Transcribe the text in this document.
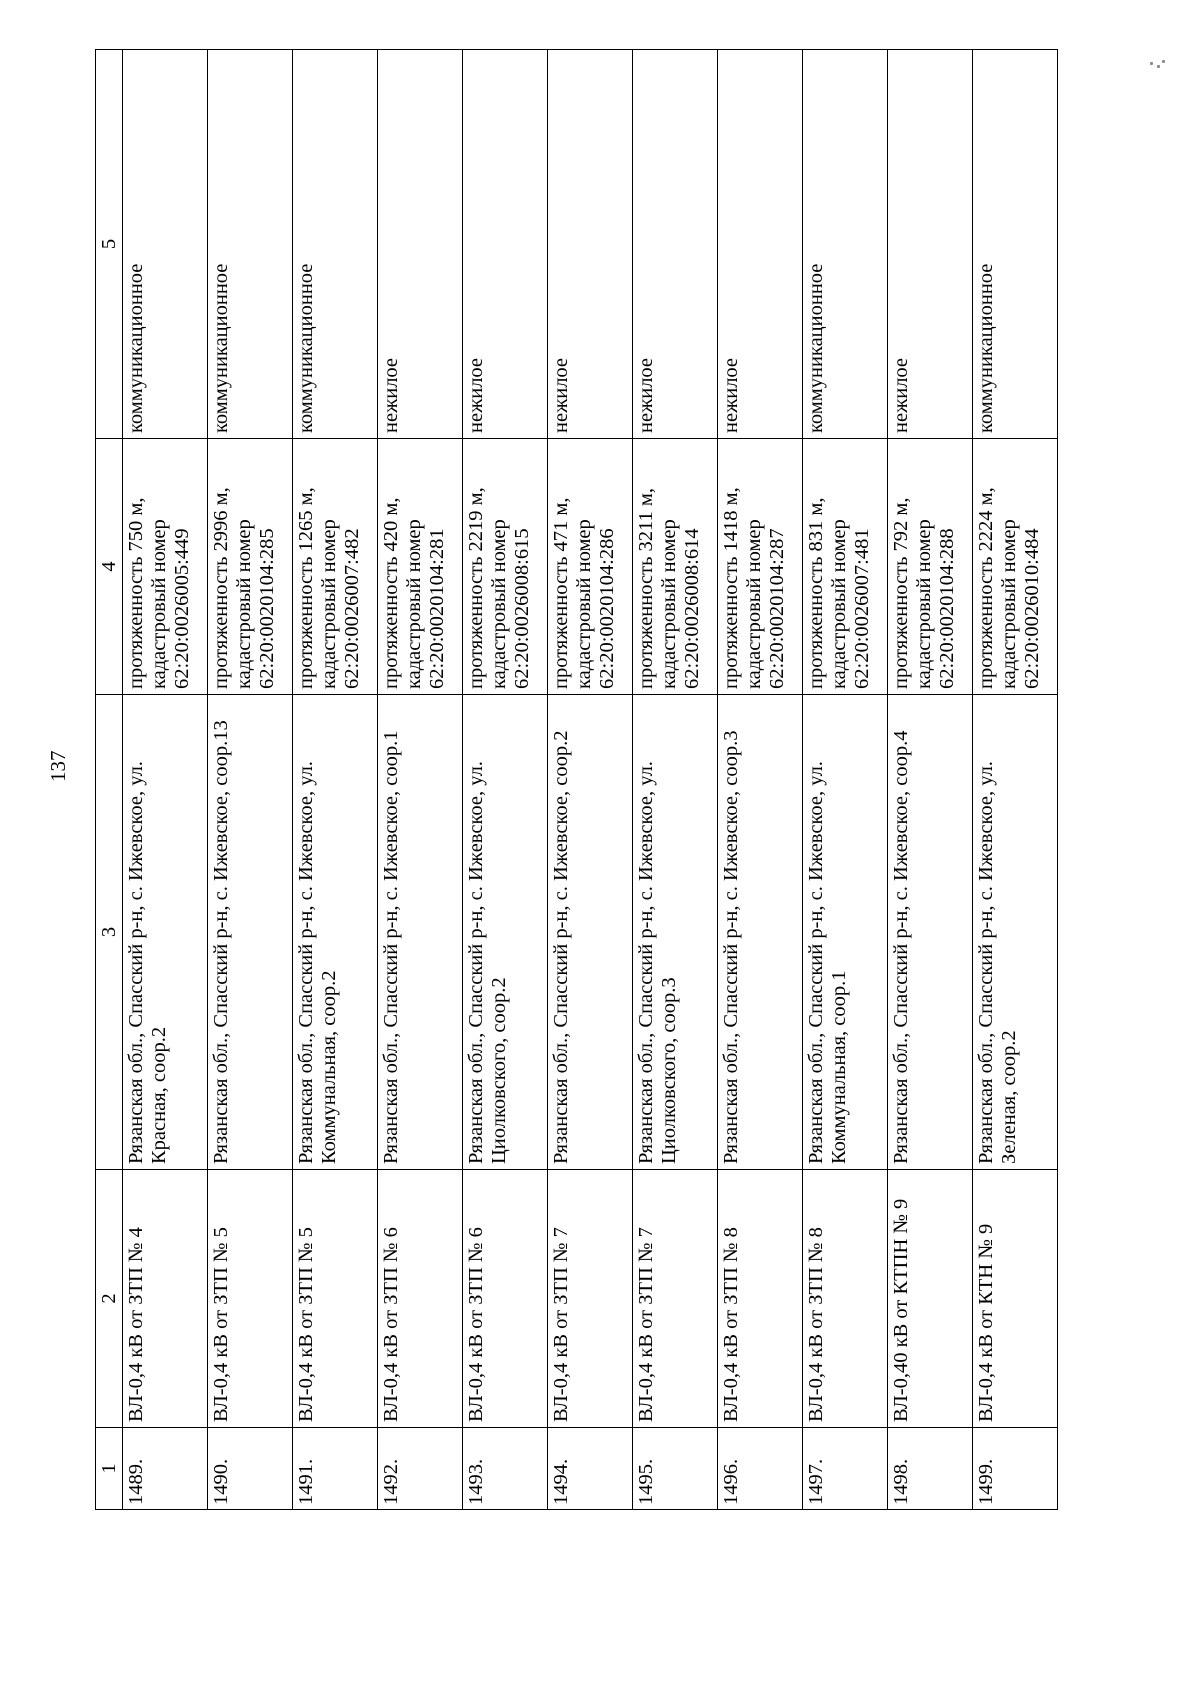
137
1	2	3	4	5
1489.	ВЛ-0,4 кВ от ЗТП № 4	Рязанская обл., Спасский р-н, с. Ижевское, ул. Красная, соор.2	протяженность 750 м, кадастровый номер 62:20:0026005:449	коммуникационное
1490.	ВЛ-0,4 кВ от ЗТП № 5	Рязанская обл., Спасский р-н, с. Ижевское, соор.13	протяженность 2996 м, кадастровый номер 62:20:0020104:285	коммуникационное
1491.	ВЛ-0,4 кВ от ЗТП № 5	Рязанская обл., Спасский р-н, с. Ижевское, ул. Коммунальная, соор.2	протяженность 1265 м, кадастровый номер 62:20:0026007:482	коммуникационное
1492.	ВЛ-0,4 кВ от ЗТП № 6	Рязанская обл., Спасский р-н, с. Ижевское, соор.1	протяженность 420 м, кадастровый номер 62:20:0020104:281	нежилое
1493.	ВЛ-0,4 кВ от ЗТП № 6	Рязанская обл., Спасский р-н, с. Ижевское, ул. Циолковского, соор.2	протяженность 2219 м, кадастровый номер 62:20:0026008:615	нежилое
1494.	ВЛ-0,4 кВ от ЗТП № 7	Рязанская обл., Спасский р-н, с. Ижевское, соор.2	протяженность 471 м, кадастровый номер 62:20:0020104:286	нежилое
1495.	ВЛ-0,4 кВ от ЗТП № 7	Рязанская обл., Спасский р-н, с. Ижевское, ул. Циолковского, соор.3	протяженность 3211 м, кадастровый номер 62:20:0026008:614	нежилое
1496.	ВЛ-0,4 кВ от ЗТП № 8	Рязанская обл., Спасский р-н, с. Ижевское, соор.3	протяженность 1418 м, кадастровый номер 62:20:0020104:287	нежилое
1497.	ВЛ-0,4 кВ от ЗТП № 8	Рязанская обл., Спасский р-н, с. Ижевское, ул. Коммунальная, соор.1	протяженность 831 м, кадастровый номер 62:20:0026007:481	коммуникационное
1498.	ВЛ-0,40 кВ от КТПН № 9	Рязанская обл., Спасский р-н, с. Ижевское, соор.4	протяженность 792 м, кадастровый номер 62:20:0020104:288	нежилое
1499.	ВЛ-0,4 кВ от КТН № 9	Рязанская обл., Спасский р-н, с. Ижевское, ул. Зеленая, соор.2	протяженность 2224 м, кадастровый номер 62:20:0026010:484	коммуникационное
